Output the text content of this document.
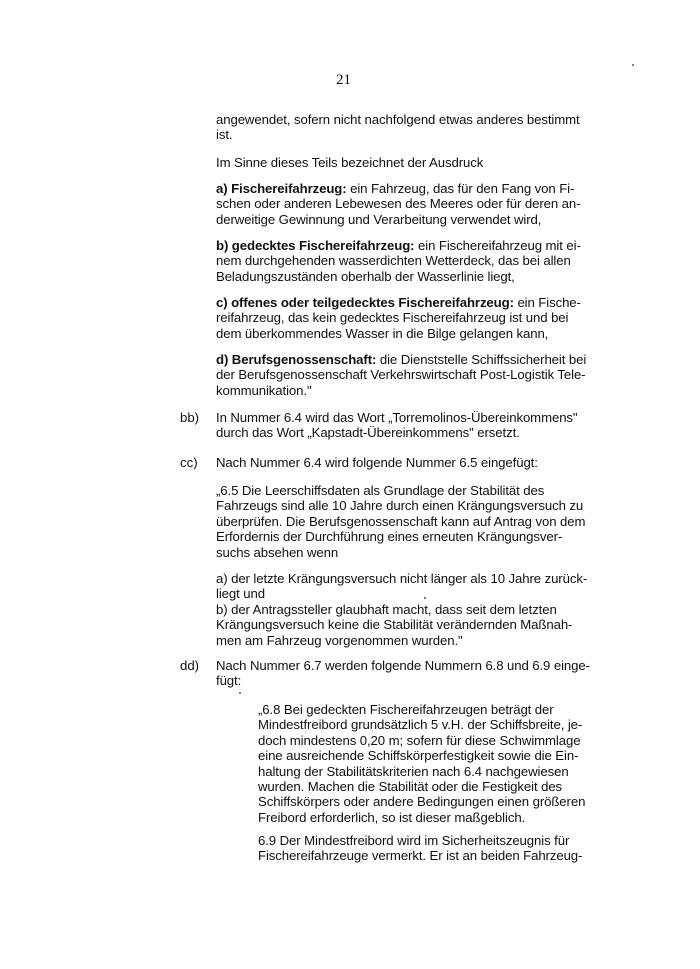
21
angewendet, sofern nicht nachfolgend etwas anderes bestimmt
ist.
Im Sinne dieses Teils bezeichnet der Ausdruck
a) Fischereifahrzeug: ein Fahrzeug, das für den Fang von Fi-
schen oder anderen Lebewesen des Meeres oder für deren an-
derweitige Gewinnung und Verarbeitung verwendet wird,
b) gedecktes Fischereifahrzeug: ein Fischereifahrzeug mit ei-
nem durchgehenden wasserdichten Wetterdeck, das bei allen
Beladungszuständen oberhalb der Wasserlinie liegt,
c) offenes oder teilgedecktes Fischereifahrzeug: ein Fische-
reifahrzeug, das kein gedecktes Fischereifahrzeug ist und bei
dem überkommendes Wasser in die Bilge gelangen kann,
d) Berufsgenossenschaft: die Dienststelle Schiffssicherheit bei
der Berufsgenossenschaft Verkehrswirtschaft Post-Logistik Tele-
kommunikation."
bb) In Nummer 6.4 wird das Wort „Torremolinos-Übereinkommens"
durch das Wort „Kapstadt-Übereinkommens" ersetzt.
cc) Nach Nummer 6.4 wird folgende Nummer 6.5 eingefügt:
„6.5 Die Leerschiffsdaten als Grundlage der Stabilität des
Fahrzeugs sind alle 10 Jahre durch einen Krängungsversuch zu
überprüfen. Die Berufsgenossenschaft kann auf Antrag von dem
Erfordernis der Durchführung eines erneuten Krängungsver-
suchs absehen wenn
a) der letzte Krängungsversuch nicht länger als 10 Jahre zurück-
liegt und
b) der Antragssteller glaubhaft macht, dass seit dem letzten
Krängungsversuch keine die Stabilität verändernden Maßnah-
men am Fahrzeug vorgenommen wurden."
dd) Nach Nummer 6.7 werden folgende Nummern 6.8 und 6.9 einge-
fügt:
„6.8 Bei gedeckten Fischereifahrzeugen beträgt der
Mindestfreibord grundsätzlich 5 v.H. der Schiffsbreite, je-
doch mindestens 0,20 m; sofern für diese Schwimmlage
eine ausreichende Schiffskörperfestigkeit sowie die Ein-
haltung der Stabilitätskriterien nach 6.4 nachgewiesen
wurden. Machen die Stabilität oder die Festigkeit des
Schiffskörpers oder andere Bedingungen einen größeren
Freibord erforderlich, so ist dieser maßgeblich.
6.9 Der Mindestfreibord wird im Sicherheitszeugnis für
Fischereifahrzeuge vermerkt. Er ist an beiden Fahrzeug-
